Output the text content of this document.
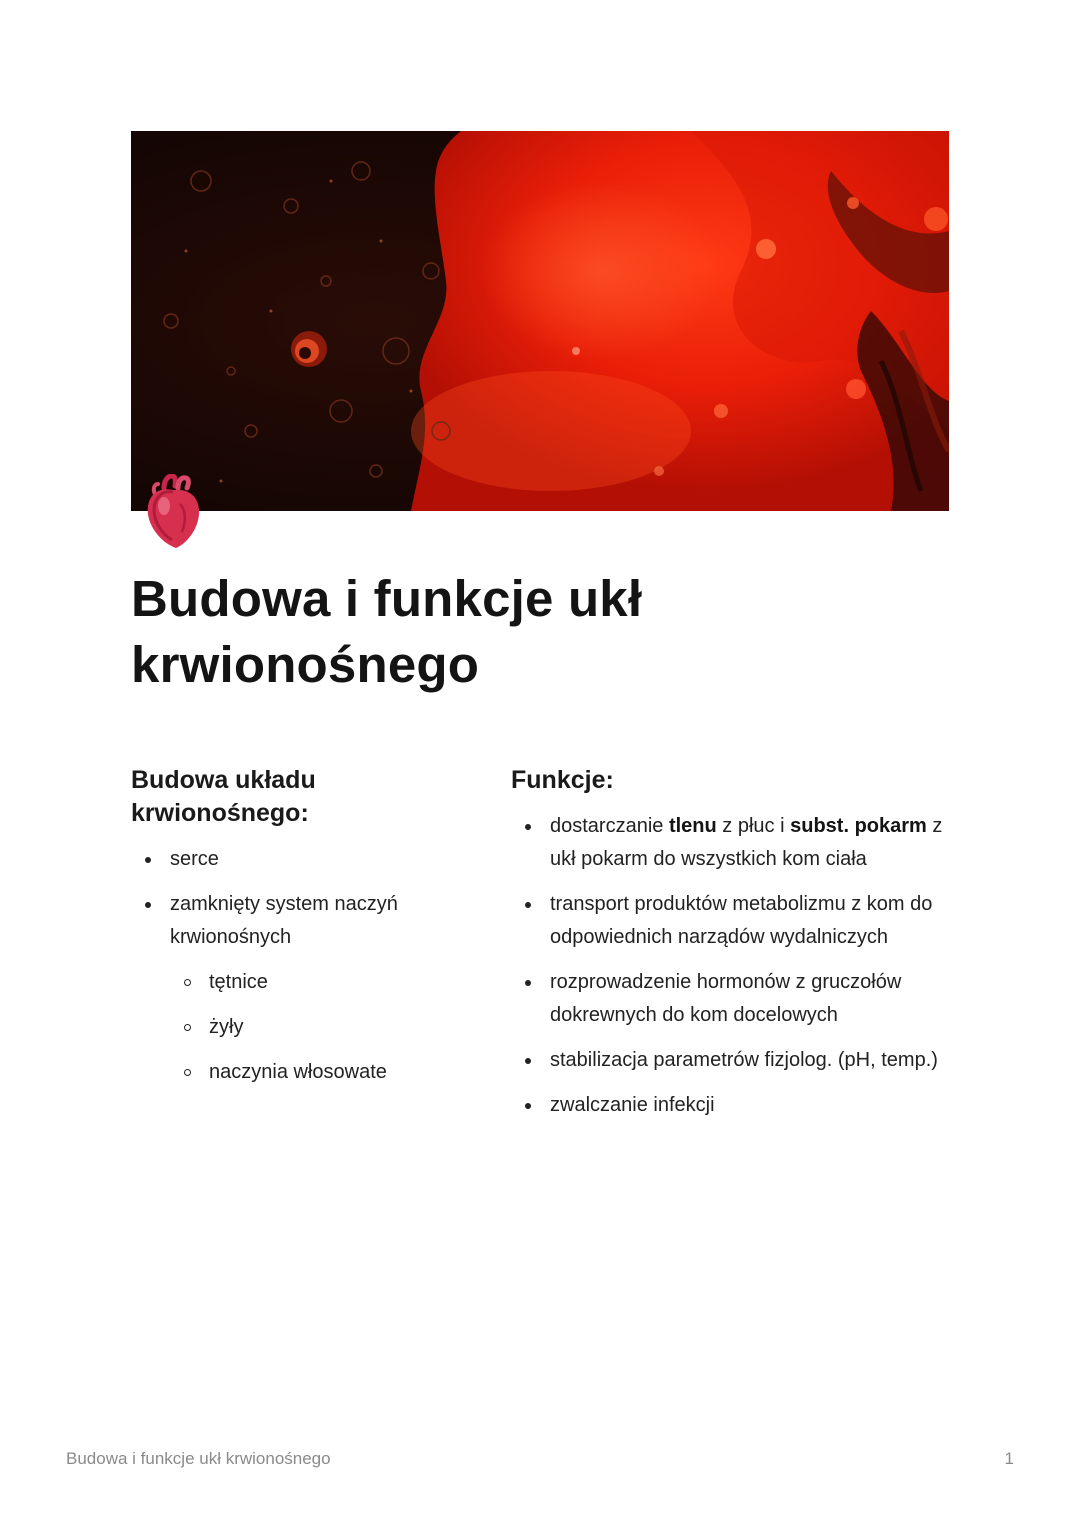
Budowa i funkcje ukł krwionośnego
Budowa układu krwionośnego:
serce
zamknięty system naczyń krwionośnych
tętnice
żyły
naczynia włosowate
Funkcje:
dostarczanie tlenu z płuc i subst. pokarm z ukł pokarm do wszystkich kom ciała
transport produktów metabolizmu z kom do odpowiednich narządów wydalniczych
rozprowadzenie hormonów z gruczołów dokrewnych do kom docelowych
stabilizacja parametrów fizjolog. (pH, temp.)
zwalczanie infekcji
Budowa i funkcje ukł krwionośnego	1
